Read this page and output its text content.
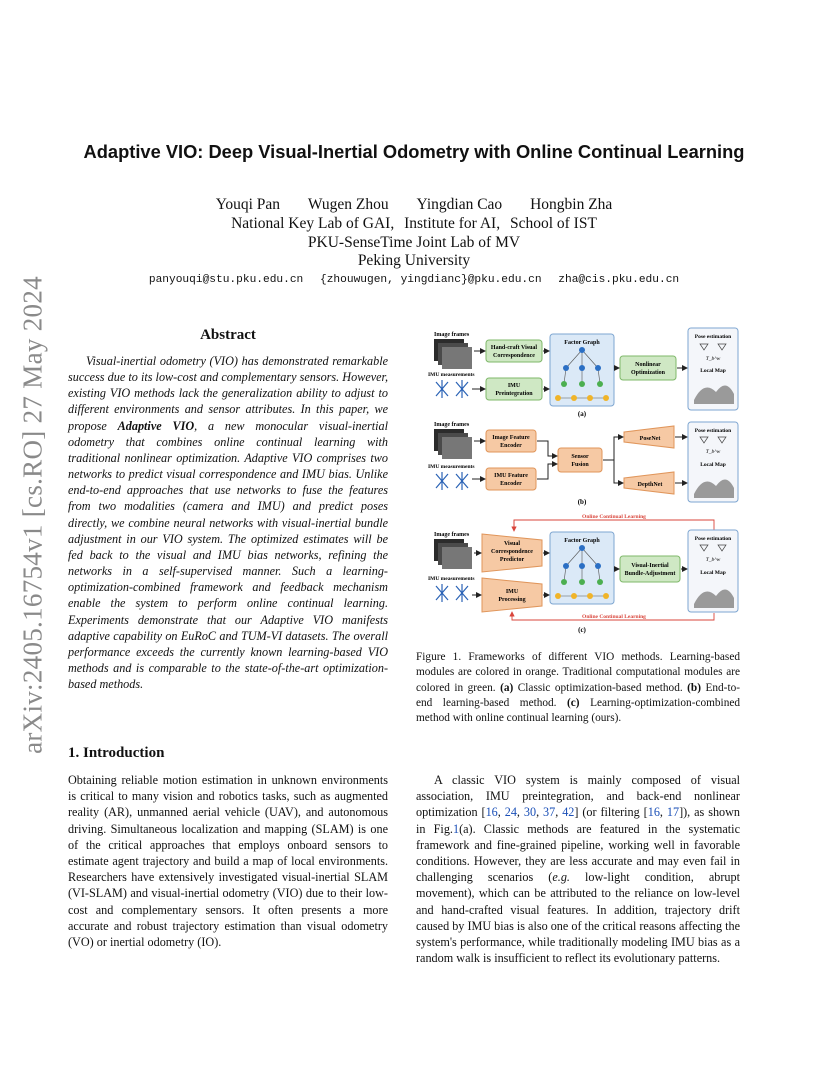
arXiv:2405.16754v1 [cs.RO] 27 May 2024
Adaptive VIO: Deep Visual-Inertial Odometry with Online Continual Learning
Youqi Pan Wugen Zhou Yingdian Cao Hongbin Zha
National Key Lab of GAI, Institute for AI, School of IST
PKU-SenseTime Joint Lab of MV
Peking University
panyouqi@stu.pku.edu.cn {zhouwugen, yingdianc}@pku.edu.cn zha@cis.pku.edu.cn
Abstract
Visual-inertial odometry (VIO) has demonstrated remarkable success due to its low-cost and complementary sensors. However, existing VIO methods lack the generalization ability to adjust to different environments and sensor attributes. In this paper, we propose Adaptive VIO, a new monocular visual-inertial odometry that combines online continual learning with traditional nonlinear optimization. Adaptive VIO comprises two networks to predict visual correspondence and IMU bias. Unlike end-to-end approaches that use networks to fuse the features from two modalities (camera and IMU) and predict poses directly, we combine neural networks with visual-inertial bundle adjustment in our VIO system. The optimized estimates will be fed back to the visual and IMU bias networks, refining the networks in a self-supervised manner. Such a learning-optimization-combined framework and feedback mechanism enable the system to perform online continual learning. Experiments demonstrate that our Adaptive VIO manifests adaptive capability on EuRoC and TUM-VI datasets. The overall performance exceeds the currently known learning-based VIO methods and is comparable to the state-of-the-art optimization-based methods.
1. Introduction
Obtaining reliable motion estimation in unknown environments is critical to many vision and robotics tasks, such as augmented reality (AR), unmanned aerial vehicle (UAV), and autonomous driving. Simultaneous localization and mapping (SLAM) is one of the critical approaches that employs onboard sensors to estimate agent trajectory and build a map of local environments. Researchers have extensively investigated visual-inertial SLAM (VI-SLAM) and visual-inertial odometry (VIO) due to their low-cost and complementary sensors. It often presents a more accurate and robust trajectory estimation than visual odometry (VO) or inertial odometry (IO).
Image frames
IMU measurements
Hand-craft Visual
Correspondence
IMU
Preintegration
Factor Graph
Nonlinear
Optimization
Pose estimation
T_b^w
Local Map
(a)
Image frames
IMU measurements
Image Feature
Encoder
IMU Feature
Encoder
Sensor
Fusion
PoseNet
DepthNet
Pose estimation
T_b^w
Local Map
(b)
Online Continual Learning
Image frames
IMU measurements
Visual
Correspondence
Predictor
IMU
Processing
Factor Graph
Visual-Inertial
Bundle-Adjustment
Pose estimation
T_b^w
Local Map
Online Continual Learning
(c)
Figure 1. Frameworks of different VIO methods. Learning-based modules are colored in orange. Traditional computational modules are colored in green. (a) Classic optimization-based method. (b) End-to-end learning-based method. (c) Learning-optimization-combined method with online continual learning (ours).
A classic VIO system is mainly composed of visual association, IMU preintegration, and back-end nonlinear optimization [16, 24, 30, 37, 42] (or filtering [16, 17]), as shown in Fig.1(a). Classic methods are featured in the systematic framework and fine-grained pipeline, working well in favorable conditions. However, they are less accurate and may even fail in challenging scenarios (e.g. low-light condition, abrupt movement), which can be attributed to the reliance on low-level and hand-crafted visual features. In addition, trajectory drift caused by IMU bias is also one of the critical reasons affecting the system's performance, while traditionally modeling IMU bias as a random walk is insufficient to reflect its evolutionary patterns.
